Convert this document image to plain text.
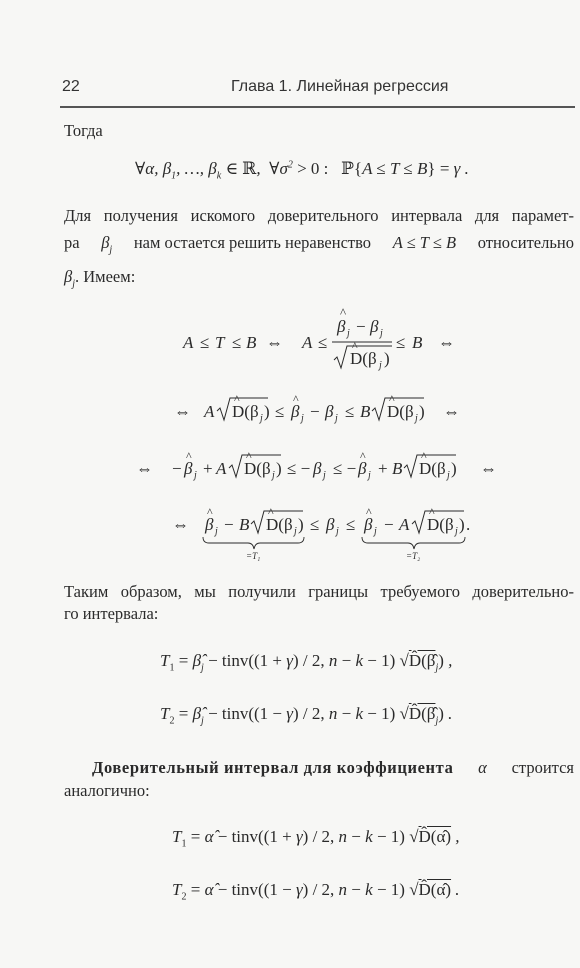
22	Глава 1. Линейная регрессия
Тогда
∀α, $\beta_1$, …, $\beta_k$ ∈ ℝ,  $\forall\sigma^2 > 0$ : ℙ{A ≤ T ≤ B} = γ .
Для получения искомого доверительного интервала для парамет-
ра $\beta_j$ нам остается решить неравенство A ≤ T ≤ B относительно
$\beta_j$. Имеем:
A ≤ T ≤ B ⇔ A ≤
β
^
j − β j
D(β
^
j )
≤ B ⇔
⇔ A D(β
^
j ) ≤ β
^
j − β j ≤ B D(β
^
j ) ⇔
⇔ − β
^
j + A D(β
^
j ) ≤ − β j ≤ − β
^
j + B D(β
^
j ) ⇔
⇔ β
^
j − B D(β
^
j ) ≤ β j ≤ β
^
j − A D(β
^
j ) .
=T₁	=T₂
Таким образом, мы получили границы требуемого доверительно-
го интервала:
$T_1$ = $\betâ_j$ − tinv((1 + γ) / 2, n − k − 1) $√D̂(\betâ_j)$ ,
$T_2$ = $\betâ_j$ − tinv((1 − γ) / 2, n − k − 1) $√D̂(\betâ_j)$ .
Доверительный интервал для коэффициента α строится
аналогично:
$T_1$ = α̂ − tinv((1 + γ) / 2, n − k − 1) √D̂(α̂) ,
$T_2$ = α̂ − tinv((1 − γ) / 2, n − k − 1) √D̂(α̂) .
